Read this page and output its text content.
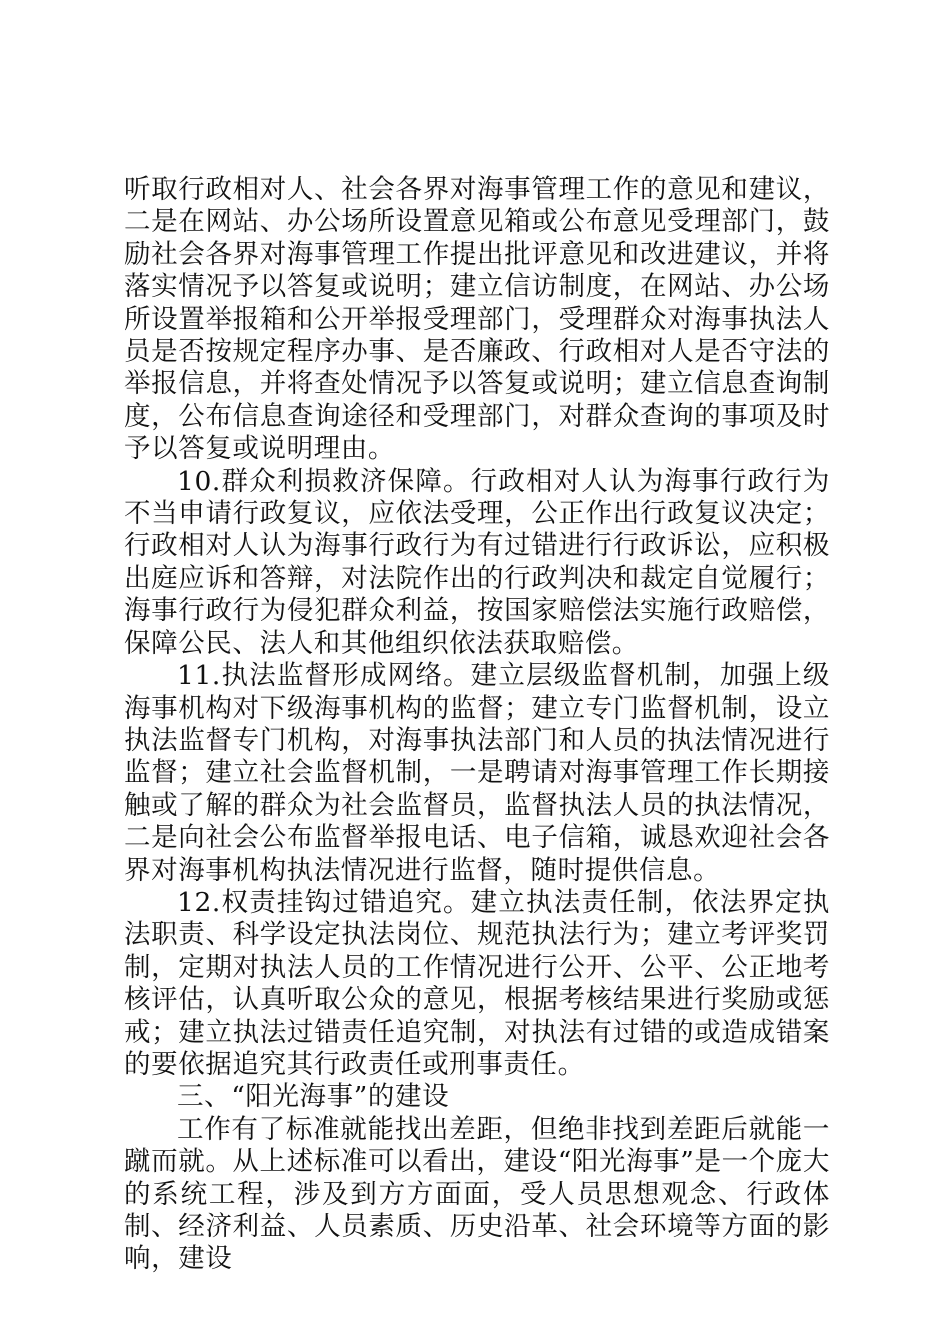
听取行政相对人、社会各界对海事管理工作的意见和建议，二是在网站、办公场所设置意见箱或公布意见受理部门，鼓励社会各界对海事管理工作提出批评意见和改进建议，并将落实情况予以答复或说明；建立信访制度，在网站、办公场所设置举报箱和公开举报受理部门，受理群众对海事执法人员是否按规定程序办事、是否廉政、行政相对人是否守法的举报信息，并将查处情况予以答复或说明；建立信息查询制度，公布信息查询途径和受理部门，对群众查询的事项及时予以答复或说明理由。

10.群众利损救济保障。行政相对人认为海事行政行为不当申请行政复议，应依法受理，公正作出行政复议决定；行政相对人认为海事行政行为有过错进行行政诉讼，应积极出庭应诉和答辩，对法院作出的行政判决和裁定自觉履行；海事行政行为侵犯群众利益，按国家赔偿法实施行政赔偿，保障公民、法人和其他组织依法获取赔偿。

11.执法监督形成网络。建立层级监督机制，加强上级海事机构对下级海事机构的监督；建立专门监督机制，设立执法监督专门机构，对海事执法部门和人员的执法情况进行监督；建立社会监督机制，一是聘请对海事管理工作长期接触或了解的群众为社会监督员，监督执法人员的执法情况，二是向社会公布监督举报电话、电子信箱，诚恳欢迎社会各界对海事机构执法情况进行监督，随时提供信息。

12.权责挂钩过错追究。建立执法责任制，依法界定执法职责、科学设定执法岗位、规范执法行为；建立考评奖罚制，定期对执法人员的工作情况进行公开、公平、公正地考核评估，认真听取公众的意见，根据考核结果进行奖励或惩戒；建立执法过错责任追究制，对执法有过错的或造成错案的要依据追究其行政责任或刑事责任。

三、“阳光海事”的建设

工作有了标准就能找出差距，但绝非找到差距后就能一蹴而就。从上述标准可以看出，建设“阳光海事”是一个庞大的系统工程，涉及到方方面面，受人员思想观念、行政体制、经济利益、人员素质、历史沿革、社会环境等方面的影响，建设
